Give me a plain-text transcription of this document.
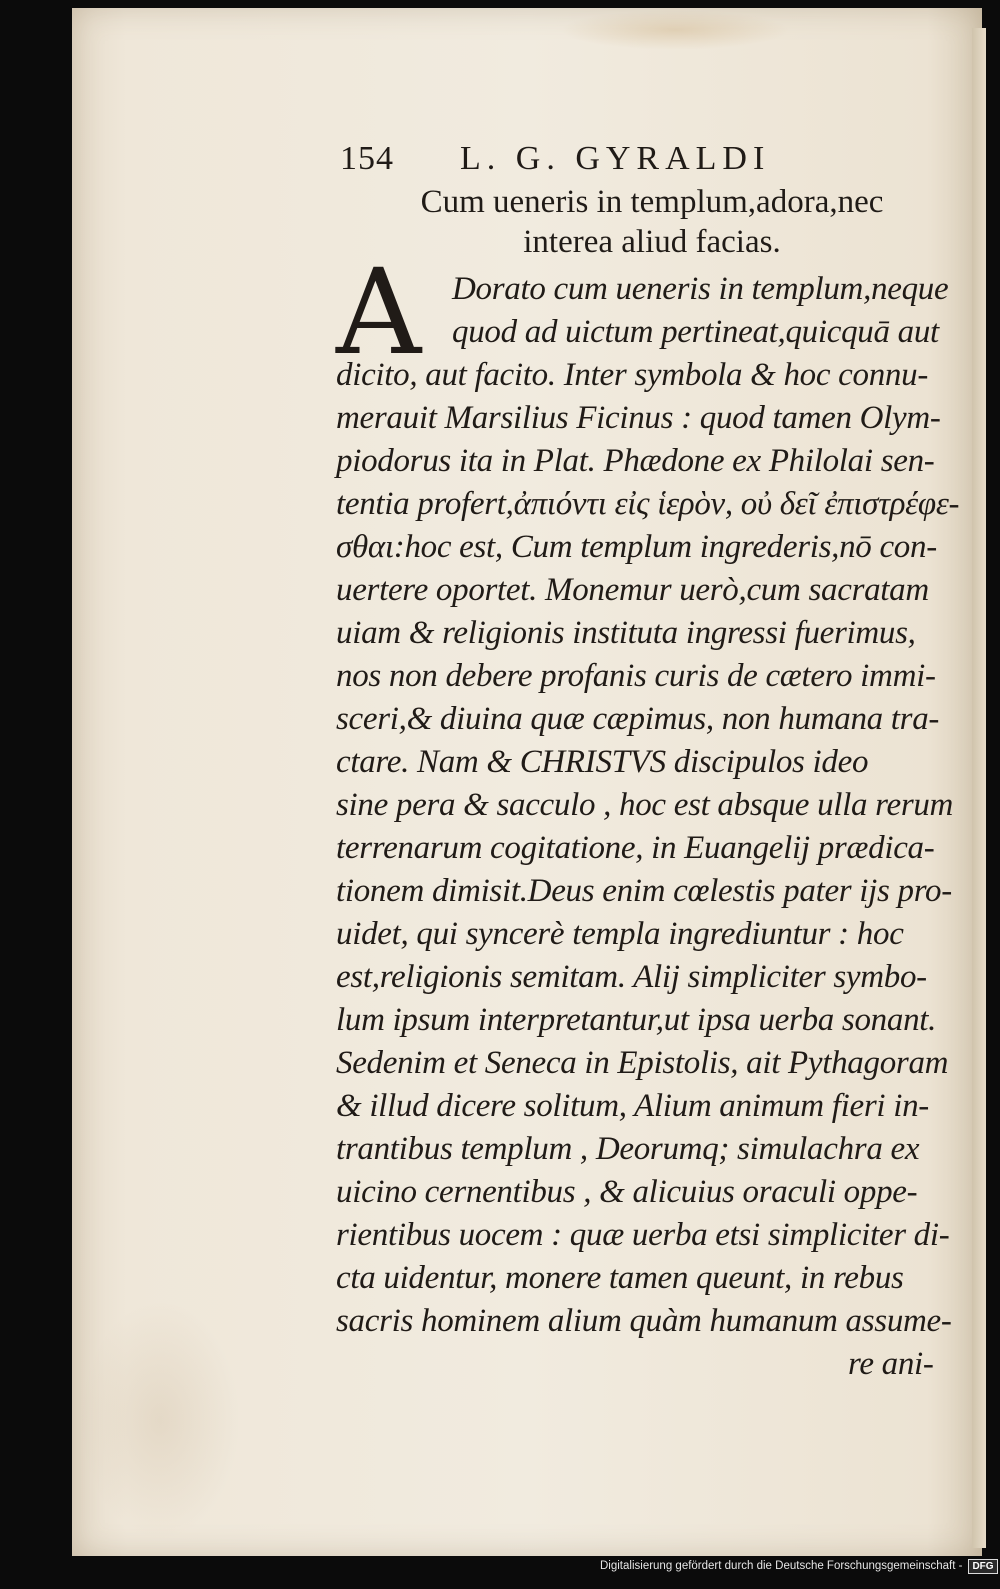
154	L. G. GYRALDI
Cum ueneris in templum,adora,nec
interea aliud facias.
A Dorato cum ueneris in templum,neque
quod ad uictum pertineat,quicquā aut
dicito, aut facito. Inter symbola & hoc connu-
merauit Marsilius Ficinus : quod tamen Olym-
piodorus ita in Plat. Phædone ex Philolai sen-
tentia profert,ἀπιόντι εἰς ἱερὸν, οὐ δεῖ ἐπιστρέφε-
σθαι:hoc est, Cum templum ingrederis,nō con-
uertere oportet. Monemur uerò,cum sacratam
uiam & religionis instituta ingressi fuerimus,
nos non debere profanis curis de cætero immi-
sceri,& diuina quæ cæpimus, non humana tra-
ctare. Nam & CHRISTVS discipulos ideo
sine pera & sacculo , hoc est absque ulla rerum
terrenarum cogitatione, in Euangelij prædica-
tionem dimisit.Deus enim cœlestis pater ijs pro-
uidet, qui syncerè templa ingrediuntur : hoc
est,religionis semitam. Alij simpliciter symbo-
lum ipsum interpretantur,ut ipsa uerba sonant.
Sedenim et Seneca in Epistolis, ait Pythagoram
& illud dicere solitum, Alium animum fieri in-
trantibus templum , Deorumq; simulachra ex
uicino cernentibus , & alicuius oraculi oppe-
rientibus uocem : quæ uerba etsi simpliciter di-
cta uidentur, monere tamen queunt, in rebus
sacris hominem alium quàm humanum assume-
re ani-
Digitalisierung gefördert durch die Deutsche Forschungsgemeinschaft -	DFG
